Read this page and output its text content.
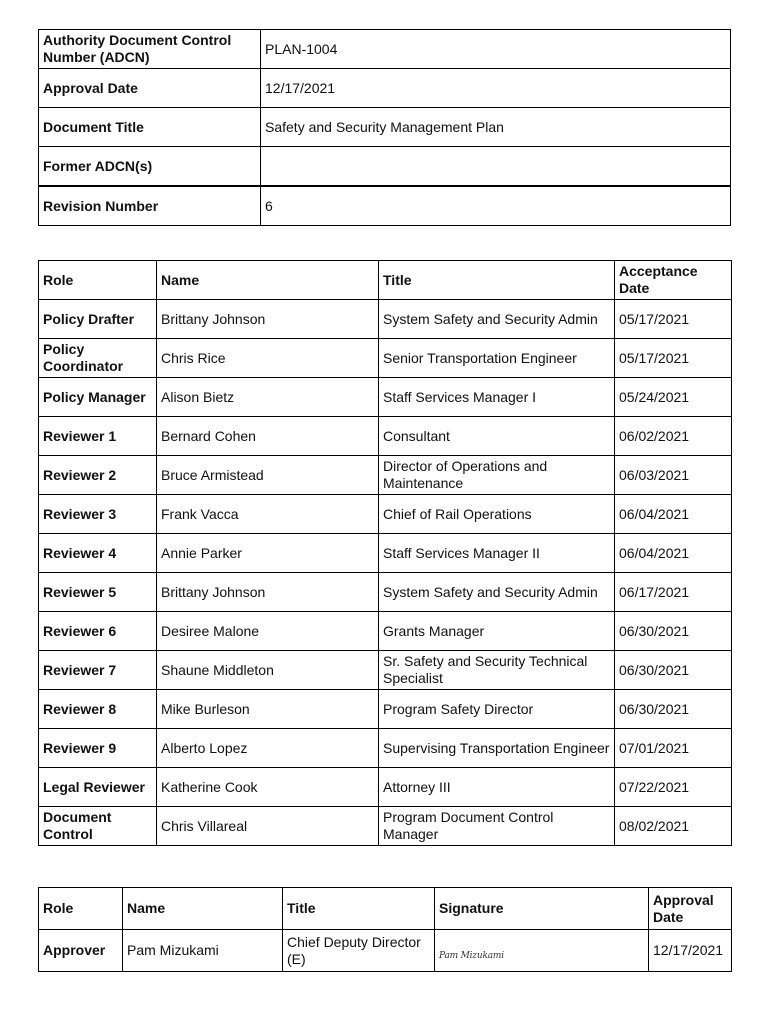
Authority Document Control Number (ADCN)	PLAN-1004
Approval Date	12/17/2021
Document Title	Safety and Security Management Plan
Former ADCN(s)	
Revision Number	6
Role	Name	Title	Acceptance Date
Policy Drafter	Brittany Johnson	System Safety and Security Admin	05/17/2021
Policy Coordinator	Chris Rice	Senior Transportation Engineer	05/17/2021
Policy Manager	Alison Bietz	Staff Services Manager I	05/24/2021
Reviewer 1	Bernard Cohen	Consultant	06/02/2021
Reviewer 2	Bruce Armistead	Director of Operations and Maintenance	06/03/2021
Reviewer 3	Frank Vacca	Chief of Rail Operations	06/04/2021
Reviewer 4	Annie Parker	Staff Services Manager II	06/04/2021
Reviewer 5	Brittany Johnson	System Safety and Security Admin	06/17/2021
Reviewer 6	Desiree Malone	Grants Manager	06/30/2021
Reviewer 7	Shaune Middleton	Sr. Safety and Security Technical Specialist	06/30/2021
Reviewer 8	Mike Burleson	Program Safety Director	06/30/2021
Reviewer 9	Alberto Lopez	Supervising Transportation Engineer	07/01/2021
Legal Reviewer	Katherine Cook	Attorney III	07/22/2021
Document Control	Chris Villareal	Program Document Control Manager	08/02/2021
Role	Name	Title	Signature	Approval Date
Approver	Pam Mizukami	Chief Deputy Director (E)	Pam Mizukami	12/17/2021
